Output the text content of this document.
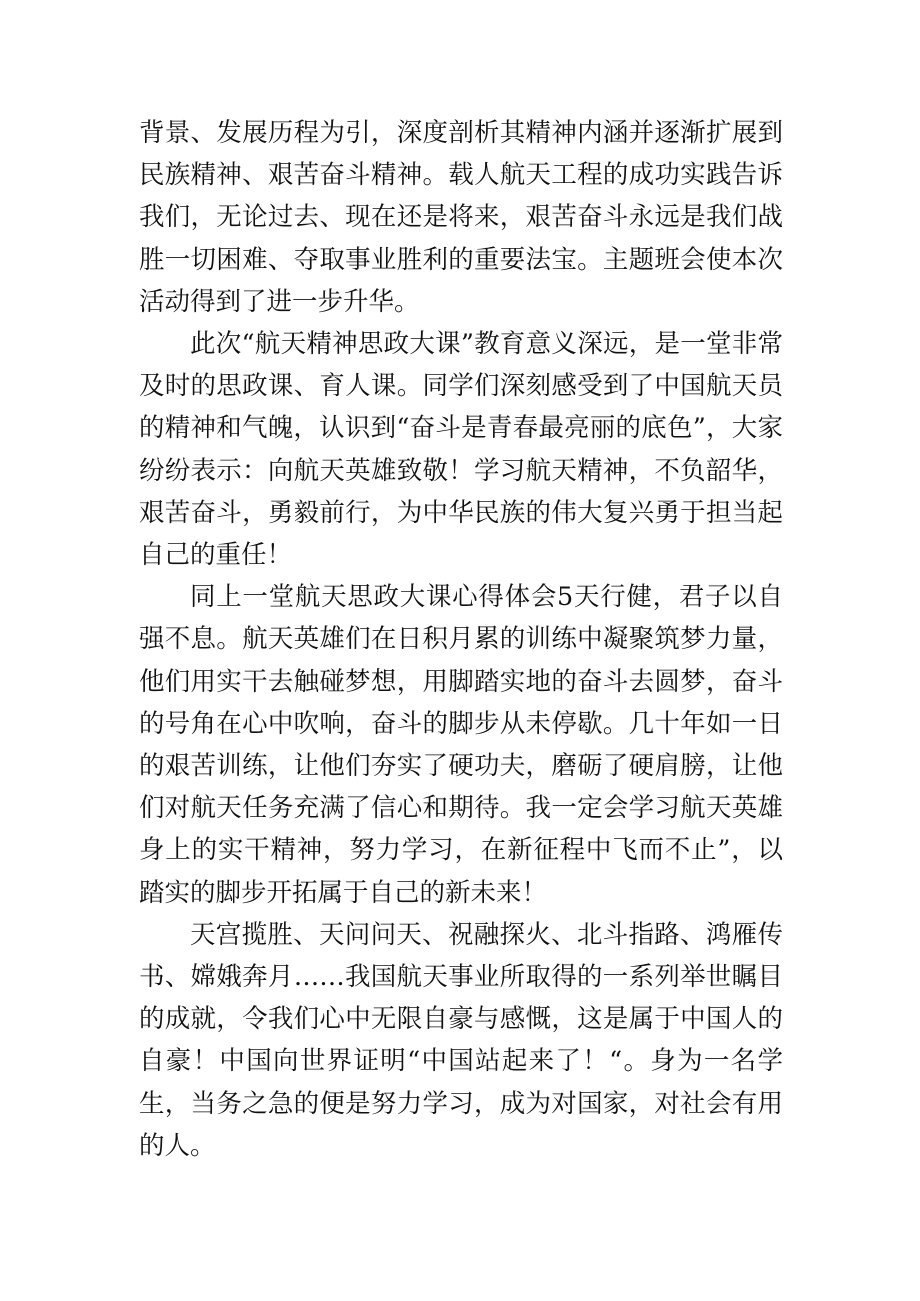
背景、发展历程为引，深度剖析其精神内涵并逐渐扩展到民族精神、艰苦奋斗精神。载人航天工程的成功实践告诉我们，无论过去、现在还是将来，艰苦奋斗永远是我们战胜一切困难、夺取事业胜利的重要法宝。主题班会使本次活动得到了进一步升华。

此次“航天精神思政大课”教育意义深远，是一堂非常及时的思政课、育人课。同学们深刻感受到了中国航天员的精神和气魄，认识到“奋斗是青春最亮丽的底色”，大家纷纷表示：向航天英雄致敬！学习航天精神，不负韶华，艰苦奋斗，勇毅前行，为中华民族的伟大复兴勇于担当起自己的重任！

同上一堂航天思政大课心得体会5天行健，君子以自强不息。航天英雄们在日积月累的训练中凝聚筑梦力量，他们用实干去触碰梦想，用脚踏实地的奋斗去圆梦，奋斗的号角在心中吹响，奋斗的脚步从未停歇。几十年如一日的艰苦训练，让他们夯实了硬功夫，磨砺了硬肩膀，让他们对航天任务充满了信心和期待。我一定会学习航天英雄身上的实干精神，努力学习，在新征程中飞而不止”，以踏实的脚步开拓属于自己的新未来！

天宫揽胜、天问问天、祝融探火、北斗指路、鸿雁传书、嫦娥奔月……我国航天事业所取得的一系列举世瞩目的成就，令我们心中无限自豪与感慨，这是属于中国人的自豪！中国向世界证明“中国站起来了！“。身为一名学生，当务之急的便是努力学习，成为对国家，对社会有用的人。
